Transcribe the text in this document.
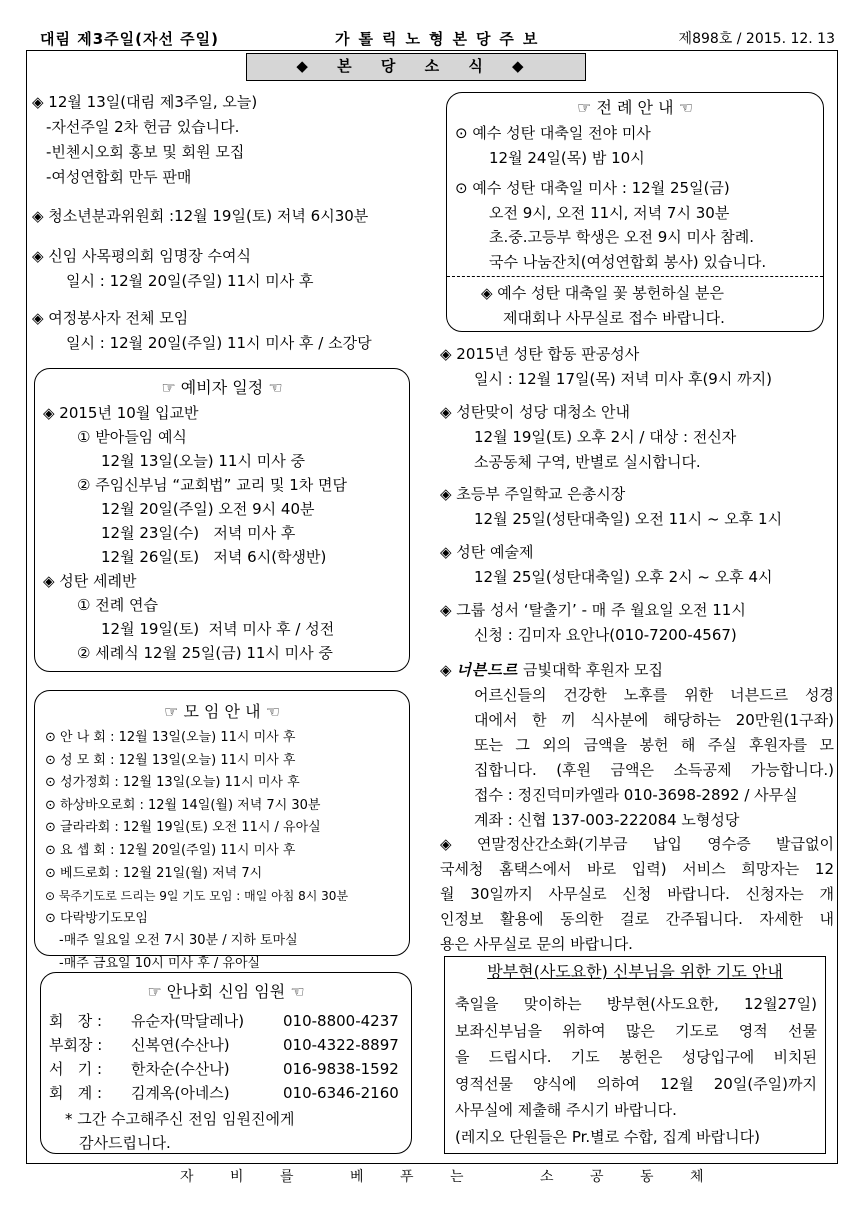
대림 제3주일(자선 주일)	가톨릭노형본당주보	제898호 / 2015. 12. 13
◆ 본 당 소 식 ◆
◈ 12월 13일(대림 제3주일, 오늘)
-자선주일 2차 헌금 있습니다.
-빈첸시오회 홍보 및 회원 모집
-여성연합회 만두 판매
◈ 청소년분과위원회 :12월 19일(토) 저녁 6시30분
◈ 신임 사목평의회 임명장 수여식
일시 : 12월 20일(주일) 11시 미사 후
◈ 여정봉사자 전체 모임
일시 : 12월 20일(주일) 11시 미사 후 / 소강당
☞ 예비자 일정 ☜
◈ 2015년 10월 입교반
① 받아들임 예식
12월 13일(오늘) 11시 미사 중
② 주임신부님 “교회법” 교리 및 1차 면담
12월 20일(주일) 오전 9시 40분
12월 23일(수)   저녁 미사 후
12월 26일(토)   저녁 6시(학생반)
◈ 성탄 세례반
① 전례 연습
12월 19일(토)  저녁 미사 후 / 성전
② 세례식 12월 25일(금) 11시 미사 중
☞ 모 임 안 내 ☜
⊙ 안 나 회 : 12월 13일(오늘) 11시 미사 후
⊙ 성 모 회 : 12월 13일(오늘) 11시 미사 후
⊙ 성가정회 : 12월 13일(오늘) 11시 미사 후
⊙ 하상바오로회 : 12월 14일(월) 저녁 7시 30분
⊙ 글라라회 : 12월 19일(토) 오전 11시 / 유아실
⊙ 요 셉 회 : 12월 20일(주일) 11시 미사 후
⊙ 베드로회 : 12월 21일(월) 저녁 7시
⊙ 묵주기도로 드리는 9일 기도 모임 : 매일 아침 8시 30분
⊙ 다락방기도모임
-매주 일요일 오전 7시 30분 / 지하 토마실
-매주 금요일 10시 미사 후 / 유아실
☞ 안나회 신임 임원 ☜
회   장 : 유순자(막달레나)	010-8800-4237
부회장 : 신복연(수산나)	010-4322-8897
서   기 : 한차순(수산나)	016-9838-1592
회   계 : 김계옥(아네스)	010-6346-2160
* 그간 수고해주신 전임 임원진에게
감사드립니다.
☞ 전 례 안 내 ☜
⊙ 예수 성탄 대축일 전야 미사
12월 24일(목) 밤 10시
⊙ 예수 성탄 대축일 미사 : 12월 25일(금)
오전 9시, 오전 11시, 저녁 7시 30분
초.중.고등부 학생은 오전 9시 미사 참례.
국수 나눔잔치(여성연합회 봉사) 있습니다.
◈ 예수 성탄 대축일 꽃 봉헌하실 분은
제대회나 사무실로 접수 바랍니다.
◈ 2015년 성탄 합동 판공성사
일시 : 12월 17일(목) 저녁 미사 후(9시 까지)
◈ 성탄맞이 성당 대청소 안내
12월 19일(토) 오후 2시 / 대상 : 전신자
소공동체 구역, 반별로 실시합니다.
◈ 초등부 주일학교 은총시장
12월 25일(성탄대축일) 오전 11시 ~ 오후 1시
◈ 성탄 예술제
12월 25일(성탄대축일) 오후 2시 ~ 오후 4시
◈ 그룹 성서 ‘탈출기’ - 매 주 월요일 오전 11시
신청 : 김미자 요안나(010-7200-4567)
◈ 너븐드르 금빛대학 후원자 모집
어르신들의 건강한 노후를 위한 너븐드르 성경
대에서 한 끼 식사분에 해당하는 20만원(1구좌)
또는 그 외의 금액을 봉헌 해 주실 후원자를 모
집합니다. (후원 금액은 소득공제 가능합니다.)
접수 : 정진덕미카엘라 010-3698-2892 / 사무실
계좌 : 신협 137-003-222084 노형성당
◈ 연말정산간소화(기부금 납입 영수증 발급없이
국세청 홈택스에서 바로 입력) 서비스 희망자는 12
월 30일까지 사무실로 신청 바랍니다. 신청자는 개
인정보 활용에 동의한 걸로 간주됩니다. 자세한 내
용은 사무실로 문의 바랍니다.
방부현(사도요한) 신부님을 위한 기도 안내
축일을 맞이하는 방부현(사도요한, 12월27일)
보좌신부님을 위하여 많은 기도로 영적 선물
을 드립시다. 기도 봉헌은 성당입구에 비치된
영적선물 양식에 의하여 12월 20일(주일)까지
사무실에 제출해 주시기 바랍니다.
(레지오 단원들은 Pr.별로 수합, 집계 바랍니다)
자 비 를	베 푸 는	소 공 동 체
